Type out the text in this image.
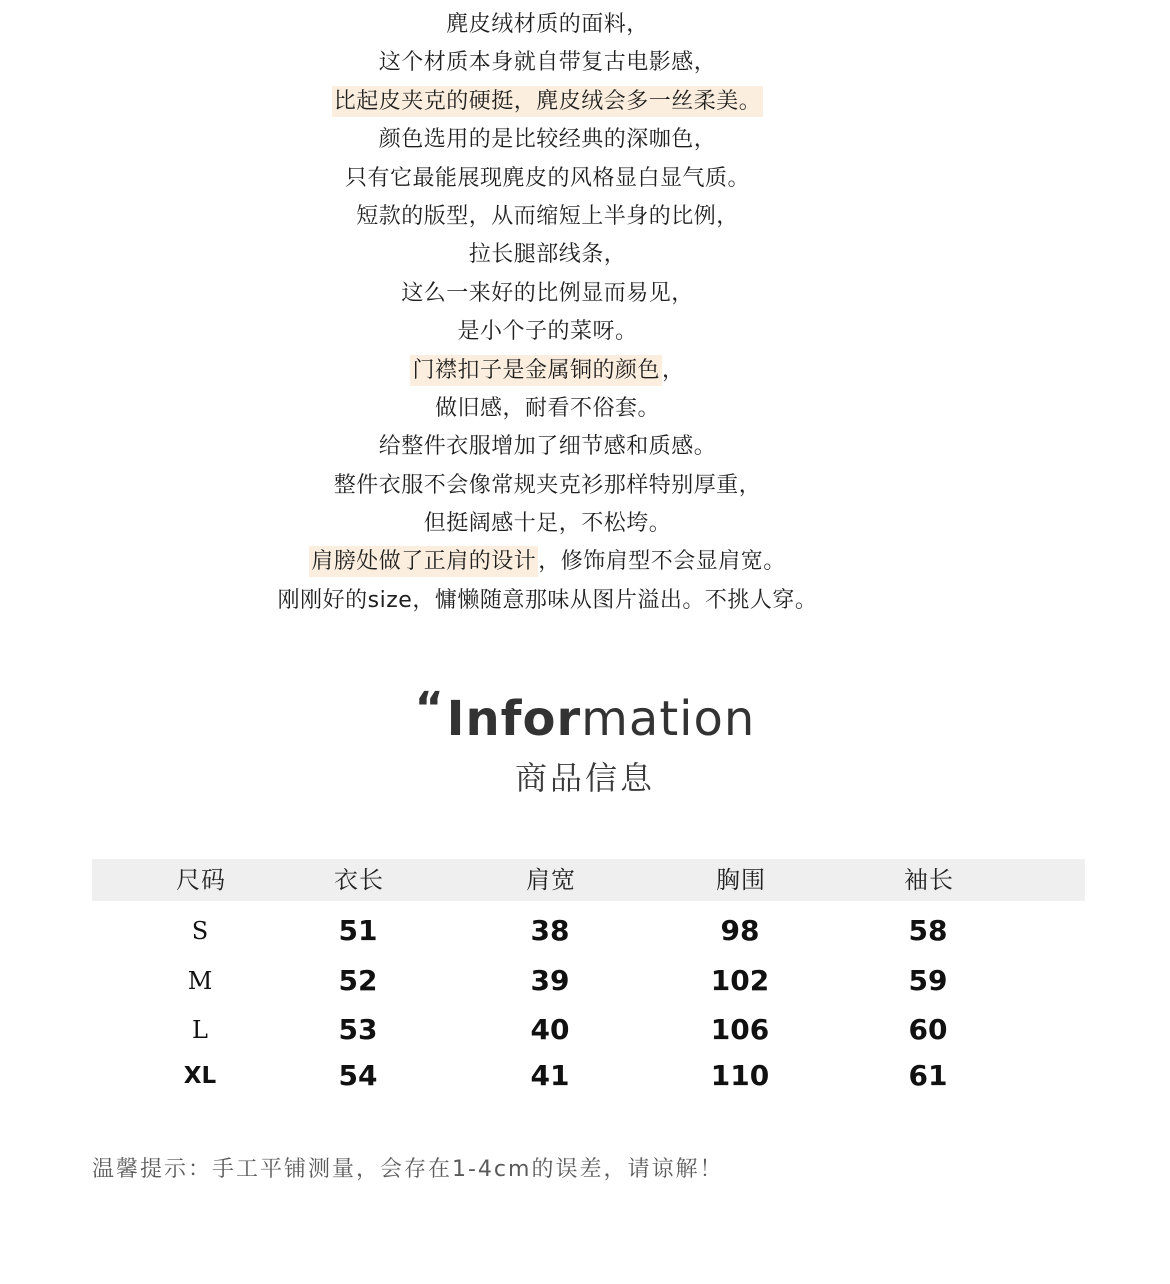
麂皮绒材质的面料，
这个材质本身就自带复古电影感，
比起皮夹克的硬挺，麂皮绒会多一丝柔美。
颜色选用的是比较经典的深咖色，
只有它最能展现麂皮的风格显白显气质。
短款的版型，从而缩短上半身的比例，
拉长腿部线条，
这么一来好的比例显而易见，
是小个子的菜呀。
门襟扣子是金属铜的颜色，
做旧感，耐看不俗套。
给整件衣服增加了细节感和质感。
整件衣服不会像常规夹克衫那样特别厚重，
但挺阔感十足，不松垮。
肩膀处做了正肩的设计，修饰肩型不会显肩宽。
刚刚好的size，慵懒随意那味从图片溢出。不挑人穿。
“Information
商品信息
尺码	衣长	肩宽	胸围	袖长
S	51	38	98	58
M	52	39	102	59
L	53	40	106	60
XL	54	41	110	61
温馨提示：手工平铺测量，会存在1-4cm的误差，请谅解！
